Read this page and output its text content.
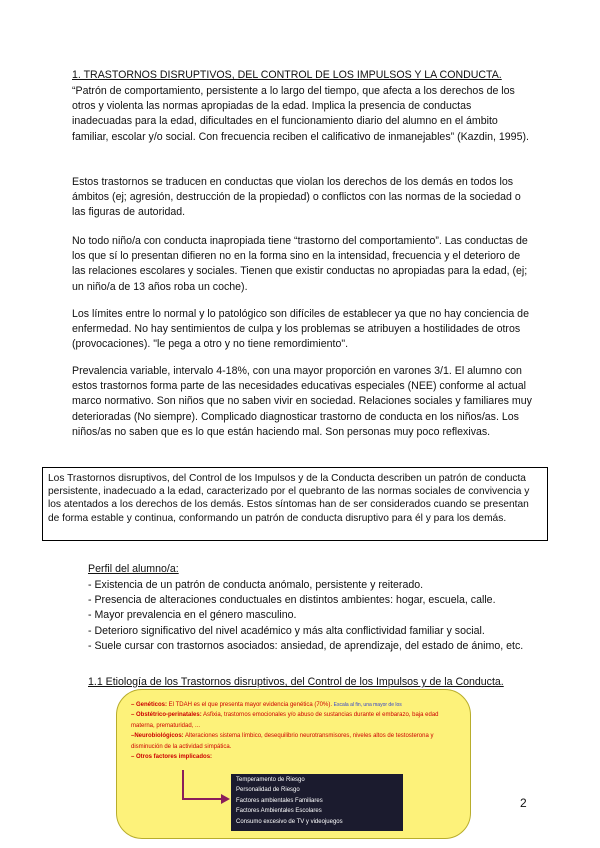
1. TRASTORNOS DISRUPTIVOS, DEL CONTROL DE LOS IMPULSOS Y LA CONDUCTA.

“Patrón de comportamiento, persistente a lo largo del tiempo, que afecta a los derechos de los otros y violenta las normas apropiadas de la edad. Implica la presencia de conductas inadecuadas para la edad, dificultades en el funcionamiento diario del alumno en el ámbito familiar, escolar y/o social. Con frecuencia reciben el calificativo de inmanejables” (Kazdin, 1995).

Estos trastornos se traducen en conductas que violan los derechos de los demás en todos los ámbitos (ej; agresión, destrucción de la propiedad) o conflictos con las normas de la sociedad o las figuras de autoridad.

No todo niño/a con conducta inapropiada tiene “trastorno del comportamiento”. Las conductas de los que sí lo presentan difieren no en la forma sino en la intensidad, frecuencia y el deterioro de las relaciones escolares y sociales. Tienen que existir conductas no apropiadas para la edad, (ej; un niño/a de 13 años roba un coche).

Los límites entre lo normal y lo patológico son difíciles de establecer ya que no hay conciencia de enfermedad. No hay sentimientos de culpa y los problemas se atribuyen a hostilidades de otros (provocaciones). "le pega a otro y no tiene remordimiento".

Prevalencia variable, intervalo 4-18%, con una mayor proporción en varones 3/1. El alumno con estos trastornos forma parte de las necesidades educativas especiales (NEE) conforme al actual marco normativo. Son niños que no saben vivir en sociedad. Relaciones sociales y familiares muy deterioradas (No siempre). Complicado diagnosticar trastorno de conducta en los niños/as. Los niños/as no saben que es lo que están haciendo mal. Son personas muy poco reflexivas.

Los Trastornos disruptivos, del Control de los Impulsos y de la Conducta describen un patrón de conducta persistente, inadecuado a la edad, caracterizado por el quebranto de las normas sociales de convivencia y los atentados a los derechos de los demás. Estos síntomas han de ser considerados cuando se presentan de forma estable y continua, conformando un patrón de conducta disruptivo para él y para los demás.

Perfil del alumno/a:

- Existencia de un patrón de conducta anómalo, persistente y reiterado.
- Presencia de alteraciones conductuales en distintos ambientes: hogar, escuela, calle.
- Mayor prevalencia en el género masculino.
- Deterioro significativo del nivel académico y más alta conflictividad familiar y social.
- Suele cursar con trastornos asociados: ansiedad, de aprendizaje, del estado de ánimo, etc.

1.1 Etiología de los Trastornos disruptivos, del Control de los Impulsos y de la Conducta.

– Genéticos: El TDAH es el que presenta mayor evidencia genética (70%). Escala al fin, una mayor de los
– Obstétrico-perinatales: Asfixia, trastornos emocionales y/o abuso de sustancias durante el embarazo, baja edad materna, prematuridad, ...
–Neurobiológicos: Alteraciones sistema límbico, desequilibrio neurotransmisores, niveles altos de testosterona y disminución de la actividad simpática.
– Otros factores implicados:
Temperamento de Riesgo
Personalidad de Riesgo
Factores ambientales Familiares
Factores Ambientales Escolares
Consumo excesivo de TV y videojuegos
2
